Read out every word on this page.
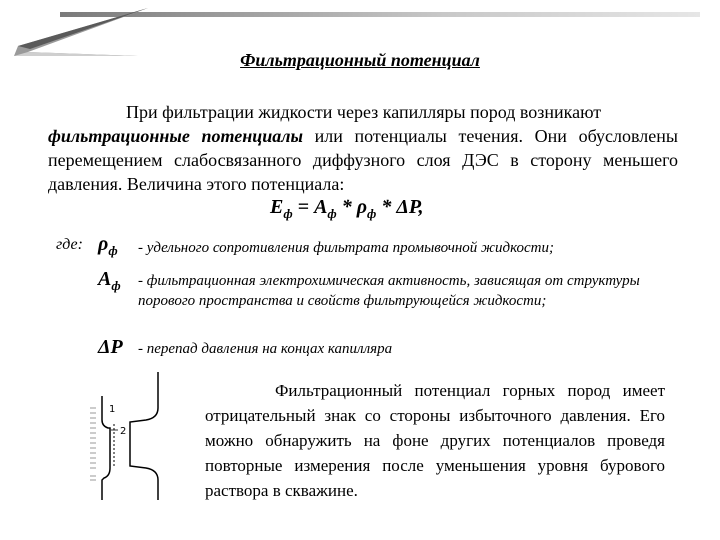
Фильтрационный потенциал

При фильтрации жидкости через капилляры пород возникают
фильтрационные потенциалы или потенциалы течения. Они обусловлены перемещением слабосвязанного диффузного слоя ДЭС в сторону меньшего давления. Величина этого потенциала:

$E_ф = A_ф * \rho_ф * \Delta P$,
где: $\rho_ф$ - удельного сопротивления фильтрата промывочной жидкости;
$A_ф$ - фильтрационная электрохимическая активность, зависящая от структуры порового пространства и свойств фильтрующейся жидкости;
ΔP - перепад давления на концах капилляра
1
2

Фильтрационный потенциал горных пород имеет отрицательный знак со стороны избыточного давления. Его можно обнаружить на фоне других потенциалов проведя повторные измерения после уменьшения уровня бурового раствора в скважине.
